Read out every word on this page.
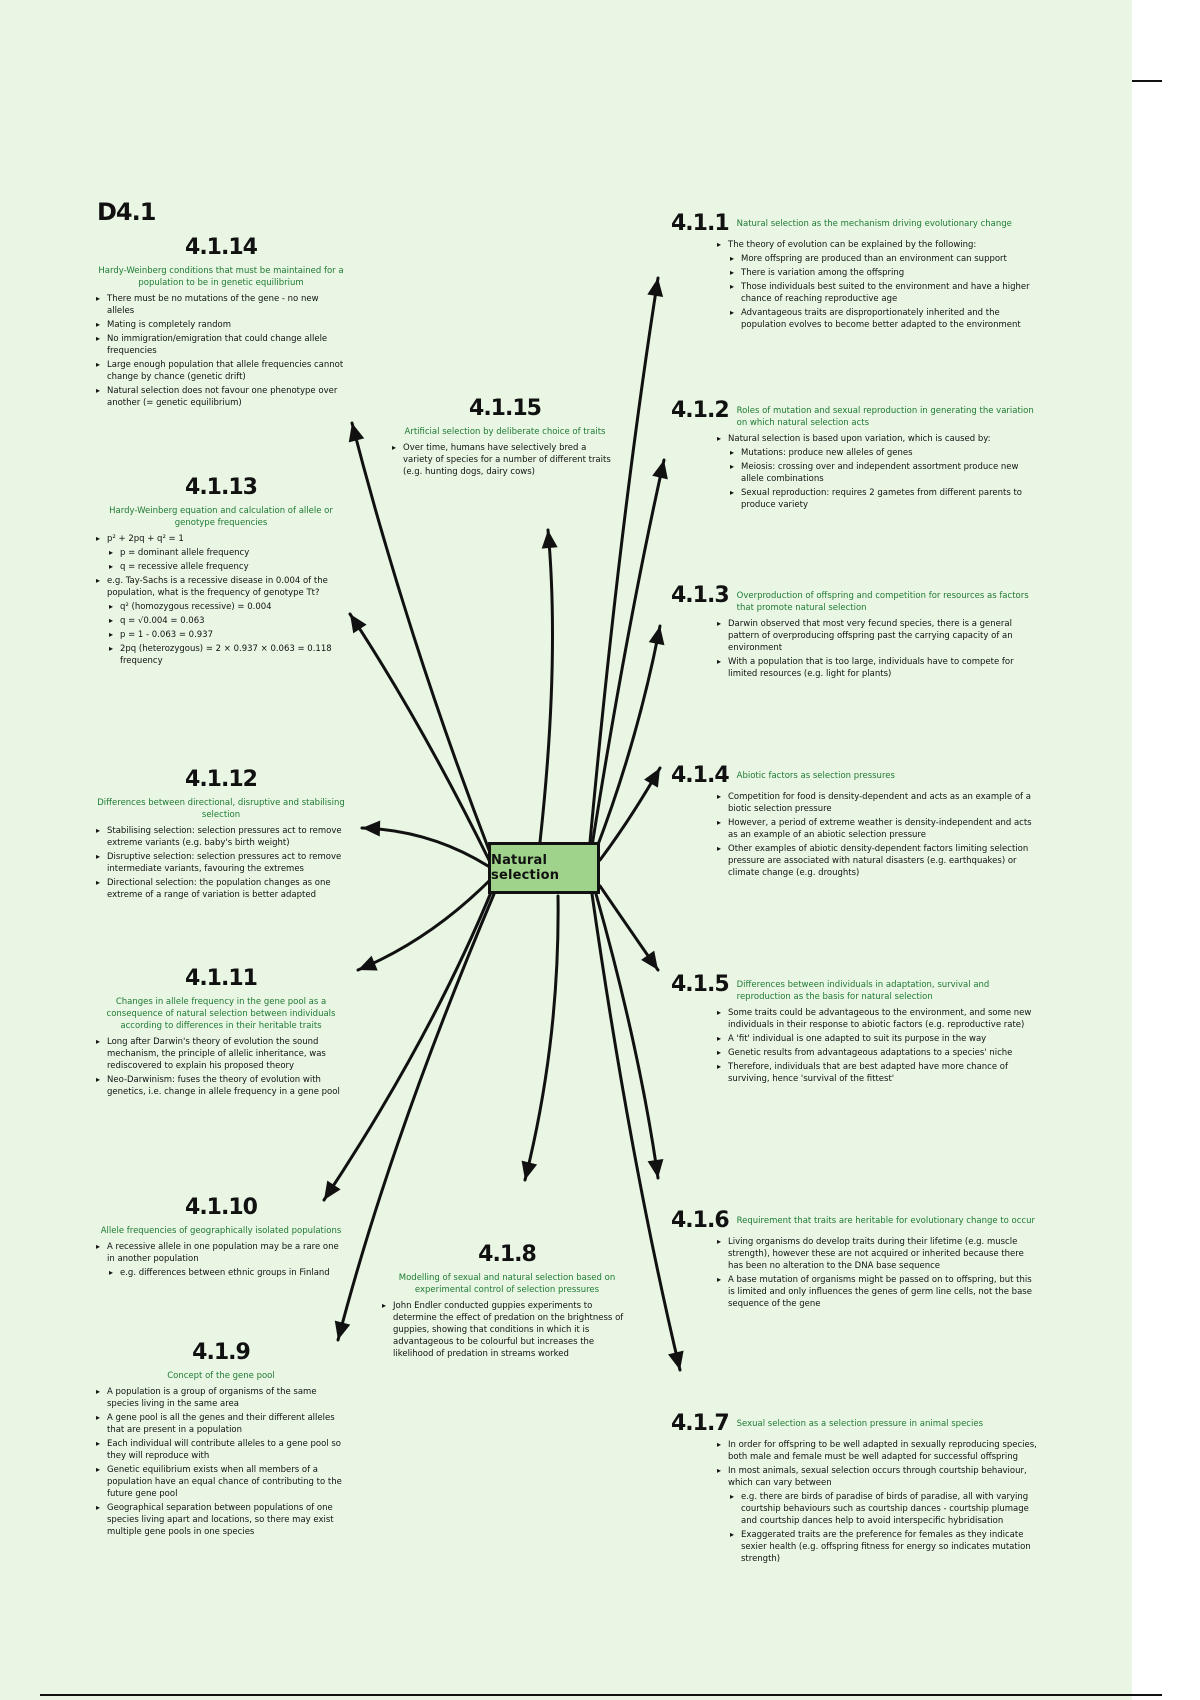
D4.1
Natural selection
4.1.14
Hardy-Weinberg conditions that must be maintained for a population to be in genetic equilibrium
▸ There must be no mutations of the gene - no new alleles
▸ Mating is completely random
▸ No immigration/emigration that could change allele frequencies
▸ Large enough population that allele frequencies cannot change by chance (genetic drift)
▸ Natural selection does not favour one phenotype over another (= genetic equilibrium)
4.1.13
Hardy-Weinberg equation and calculation of allele or genotype frequencies
▸ p² + 2pq + q² = 1
▸ p = dominant allele frequency
▸ q = recessive allele frequency
▸ e.g. Tay-Sachs is a recessive disease in 0.004 of the population, what is the frequency of genotype Tt?
▸ q² (homozygous recessive) = 0.004
▸ q = √0.004 = 0.063
▸ p = 1 - 0.063 = 0.937
▸ 2pq (heterozygous) = 2 × 0.937 × 0.063 = 0.118 frequency
4.1.12
Differences between directional, disruptive and stabilising selection
▸ Stabilising selection: selection pressures act to remove extreme variants (e.g. baby's birth weight)
▸ Disruptive selection: selection pressures act to remove intermediate variants, favouring the extremes
▸ Directional selection: the population changes as one extreme of a range of variation is better adapted
4.1.11
Changes in allele frequency in the gene pool as a consequence of natural selection between individuals according to differences in their heritable traits
▸ Long after Darwin's theory of evolution the sound mechanism, the principle of allelic inheritance, was rediscovered to explain his proposed theory
▸ Neo-Darwinism: fuses the theory of evolution with genetics, i.e. change in allele frequency in a gene pool
4.1.10
Allele frequencies of geographically isolated populations
▸ A recessive allele in one population may be a rare one in another population
▸ e.g. differences between ethnic groups in Finland
4.1.9
Concept of the gene pool
▸ A population is a group of organisms of the same species living in the same area
▸ A gene pool is all the genes and their different alleles that are present in a population
▸ Each individual will contribute alleles to a gene pool so they will reproduce with
▸ Genetic equilibrium exists when all members of a population have an equal chance of contributing to the future gene pool
▸ Geographical separation between populations of one species living apart and locations, so there may exist multiple gene pools in one species
4.1.15
Artificial selection by deliberate choice of traits
▸ Over time, humans have selectively bred a variety of species for a number of different traits (e.g. hunting dogs, dairy cows)
4.1.8
Modelling of sexual and natural selection based on experimental control of selection pressures
▸ John Endler conducted guppies experiments to determine the effect of predation on the brightness of guppies, showing that conditions in which it is advantageous to be colourful but increases the likelihood of predation in streams worked
4.1.1 Natural selection as the mechanism driving evolutionary change
▸ The theory of evolution can be explained by the following:
▸ More offspring are produced than an environment can support
▸ There is variation among the offspring
▸ Those individuals best suited to the environment and have a higher chance of reaching reproductive age
▸ Advantageous traits are disproportionately inherited and the population evolves to become better adapted to the environment
4.1.2 Roles of mutation and sexual reproduction in generating the variation on which natural selection acts
▸ Natural selection is based upon variation, which is caused by:
▸ Mutations: produce new alleles of genes
▸ Meiosis: crossing over and independent assortment produce new allele combinations
▸ Sexual reproduction: requires 2 gametes from different parents to produce variety
4.1.3 Overproduction of offspring and competition for resources as factors that promote natural selection
▸ Darwin observed that most very fecund species, there is a general pattern of overproducing offspring past the carrying capacity of an environment
▸ With a population that is too large, individuals have to compete for limited resources (e.g. light for plants)
4.1.4 Abiotic factors as selection pressures
▸ Competition for food is density-dependent and acts as an example of a biotic selection pressure
▸ However, a period of extreme weather is density-independent and acts as an example of an abiotic selection pressure
▸ Other examples of abiotic density-dependent factors limiting selection pressure are associated with natural disasters (e.g. earthquakes) or climate change (e.g. droughts)
4.1.5 Differences between individuals in adaptation, survival and reproduction as the basis for natural selection
▸ Some traits could be advantageous to the environment, and some new individuals in their response to abiotic factors (e.g. reproductive rate)
▸ A 'fit' individual is one adapted to suit its purpose in the way
▸ Genetic results from advantageous adaptations to a species' niche
▸ Therefore, individuals that are best adapted have more chance of surviving, hence 'survival of the fittest'
4.1.6 Requirement that traits are heritable for evolutionary change to occur
▸ Living organisms do develop traits during their lifetime (e.g. muscle strength), however these are not acquired or inherited because there has been no alteration to the DNA base sequence
▸ A base mutation of organisms might be passed on to offspring, but this is limited and only influences the genes of germ line cells, not the base sequence of the gene
4.1.7 Sexual selection as a selection pressure in animal species
▸ In order for offspring to be well adapted in sexually reproducing species, both male and female must be well adapted for successful offspring
▸ In most animals, sexual selection occurs through courtship behaviour, which can vary between
▸ e.g. there are birds of paradise of birds of paradise, all with varying courtship behaviours such as courtship dances - courtship plumage and courtship dances help to avoid interspecific hybridisation
▸ Exaggerated traits are the preference for females as they indicate sexier health (e.g. offspring fitness for energy so indicates mutation strength)
